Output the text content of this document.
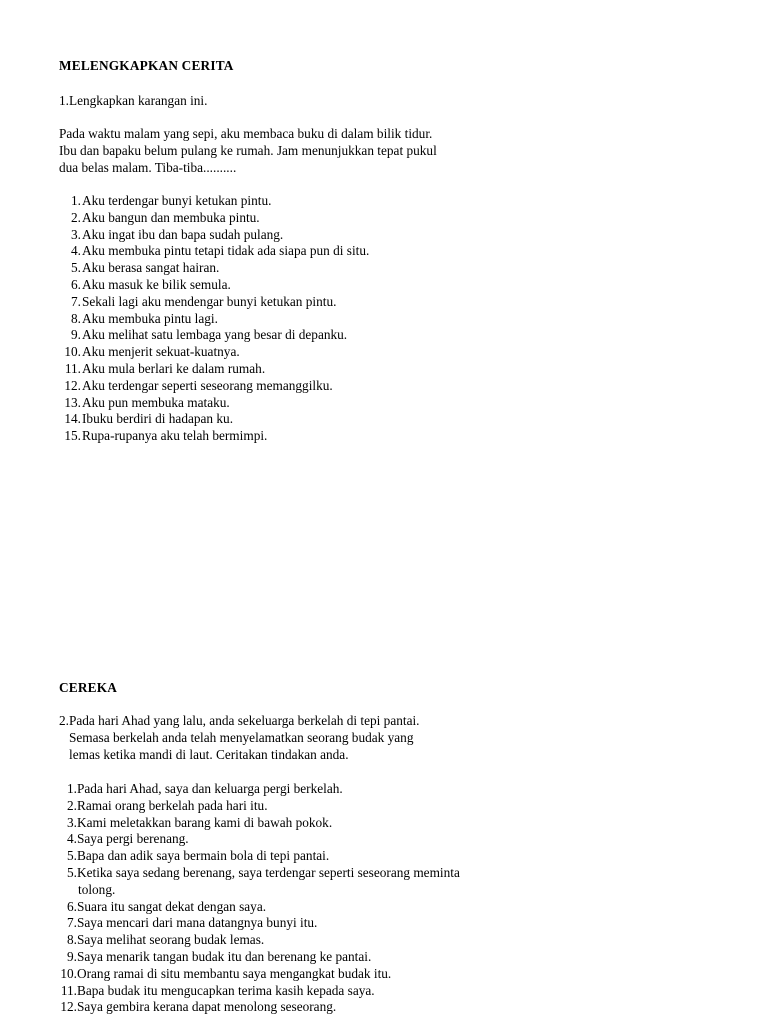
MELENGKAPKAN CERITA
1.Lengkapkan karangan ini.
Pada waktu malam yang sepi, aku membaca buku di dalam bilik tidur.
Ibu dan bapaku belum pulang ke rumah. Jam menunjukkan tepat pukul
dua belas malam. Tiba-tiba..........
1. Aku terdengar bunyi ketukan pintu.
2. Aku bangun dan membuka pintu.
3. Aku ingat ibu dan bapa sudah pulang.
4. Aku membuka pintu tetapi tidak ada siapa pun di situ.
5. Aku berasa sangat hairan.
6. Aku masuk ke bilik semula.
7. Sekali lagi aku mendengar bunyi ketukan pintu.
8. Aku membuka pintu lagi.
9. Aku melihat satu lembaga yang besar di depanku.
10. Aku menjerit sekuat-kuatnya.
11. Aku mula berlari ke dalam rumah.
12. Aku terdengar seperti seseorang memanggilku.
13. Aku pun membuka mataku.
14. Ibuku berdiri di hadapan ku.
15. Rupa-rupanya aku telah bermimpi.
CEREKA
2.Pada hari Ahad yang lalu, anda sekeluarga berkelah di tepi pantai.
Semasa berkelah anda telah menyelamatkan seorang budak yang
lemas ketika mandi di laut. Ceritakan tindakan anda.
1. Pada hari Ahad, saya dan keluarga pergi berkelah.
2. Ramai orang berkelah pada hari itu.
3. Kami meletakkan barang kami di bawah pokok.
4. Saya pergi berenang.
5. Bapa dan adik saya bermain bola di tepi pantai.
5. Ketika saya sedang berenang, saya terdengar seperti seseorang meminta
tolong.
6. Suara itu sangat dekat dengan saya.
7. Saya mencari dari mana datangnya bunyi itu.
8. Saya melihat seorang budak lemas.
9. Saya menarik tangan budak itu dan berenang ke pantai.
10. Orang ramai di situ membantu saya mengangkat budak itu.
11. Bapa budak itu mengucapkan terima kasih kepada saya.
12. Saya gembira kerana dapat menolong seseorang.
